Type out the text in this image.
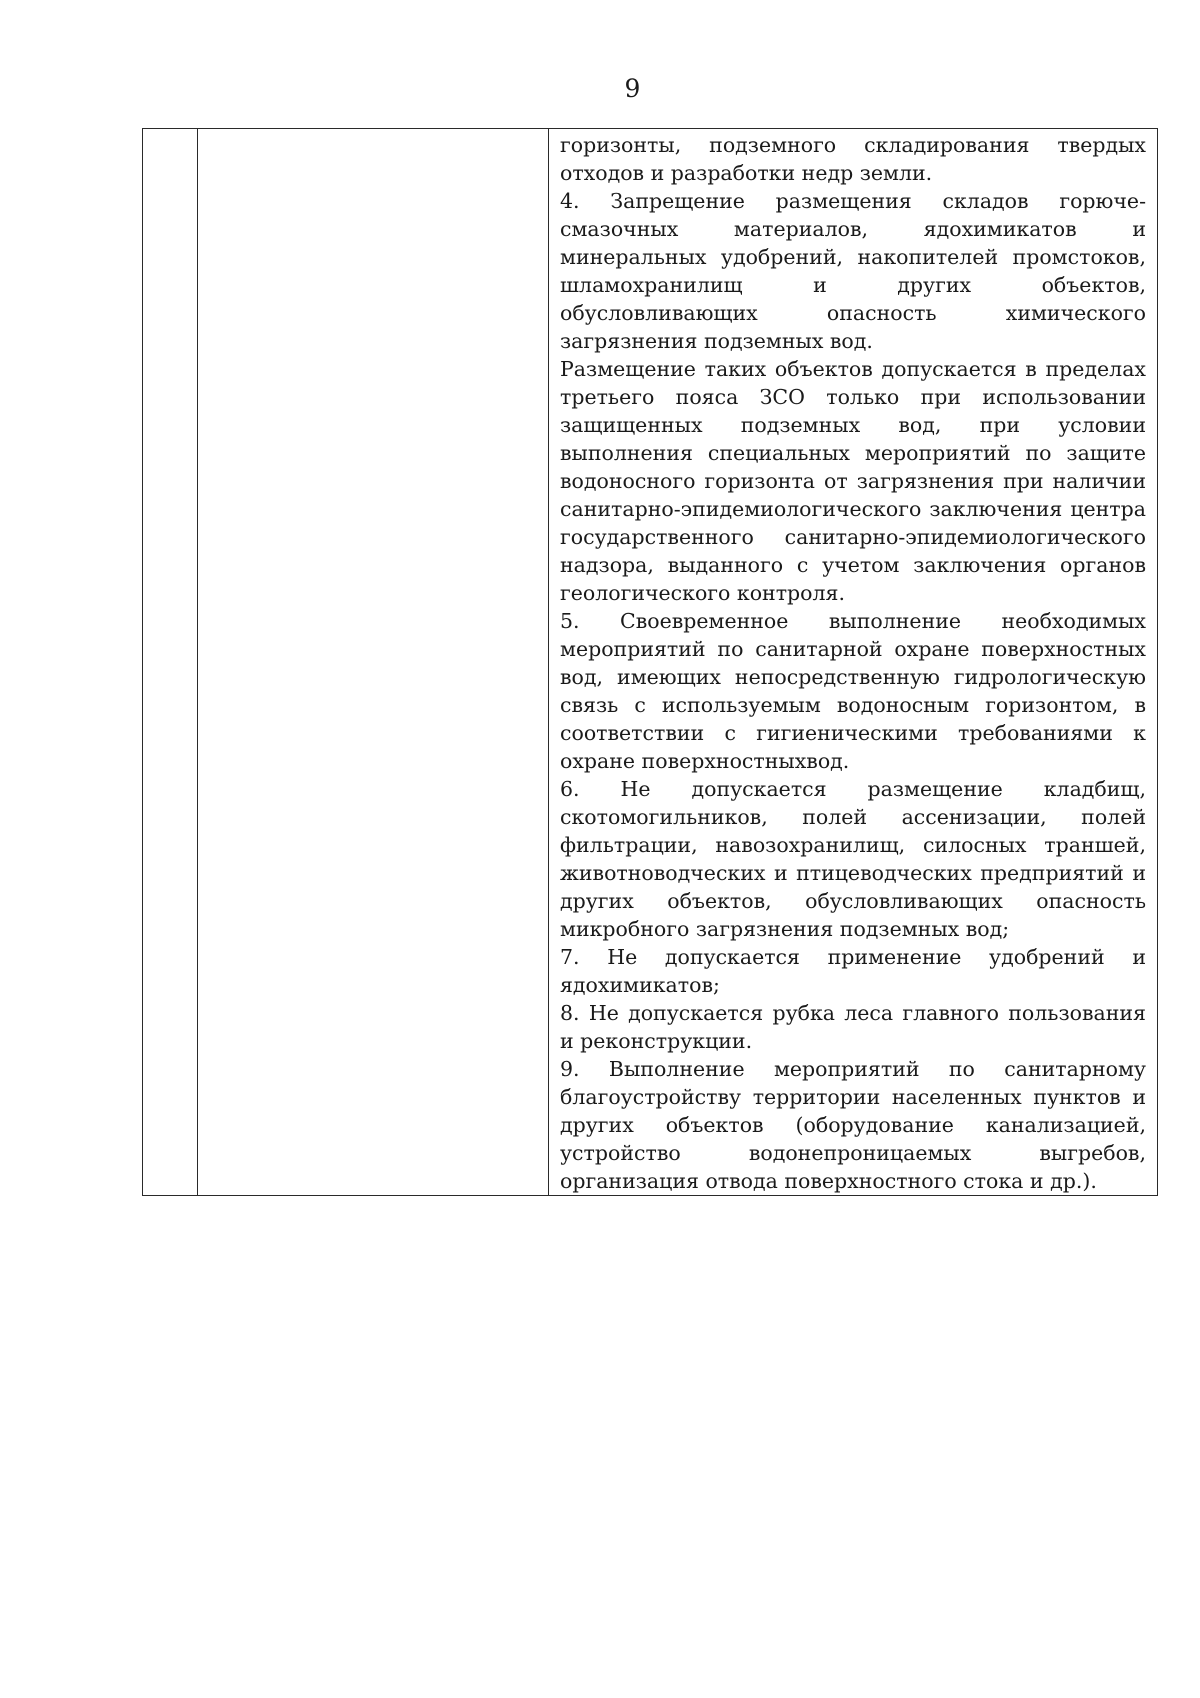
9

горизонты, подземного складирования твердых отходов и разработки недр земли.

4. Запрещение размещения складов горюче-смазочных материалов, ядохимикатов и минеральных удобрений, накопителей промстоков, шламохранилищ и других объектов, обусловливающих опасность химического загрязнения подземных вод.

Размещение таких объектов допускается в пределах третьего пояса ЗСО только при использовании защищенных подземных вод, при условии выполнения специальных мероприятий по защите водоносного горизонта от загрязнения при наличии санитарно-эпидемиологического заключения центра государственного санитарно-эпидемиологического надзора, выданного с учетом заключения органов геологического контроля.

5. Своевременное выполнение необходимых мероприятий по санитарной охране поверхностных вод, имеющих непосредственную гидрологическую связь с используемым водоносным горизонтом, в соответствии с гигиеническими требованиями к охране поверхностныхвод.

6. Не допускается размещение кладбищ, скотомогильников, полей ассенизации, полей фильтрации, навозохранилищ, силосных траншей, животноводческих и птицеводческих предприятий и других объектов, обусловливающих опасность микробного загрязнения подземных вод;

7. Не допускается применение удобрений и ядохимикатов;

8. Не допускается рубка леса главного пользования и реконструкции.

9. Выполнение мероприятий по санитарному благоустройству территории населенных пунктов и других объектов (оборудование канализацией, устройство водонепроницаемых выгребов, организация отвода поверхностного стока и др.).
